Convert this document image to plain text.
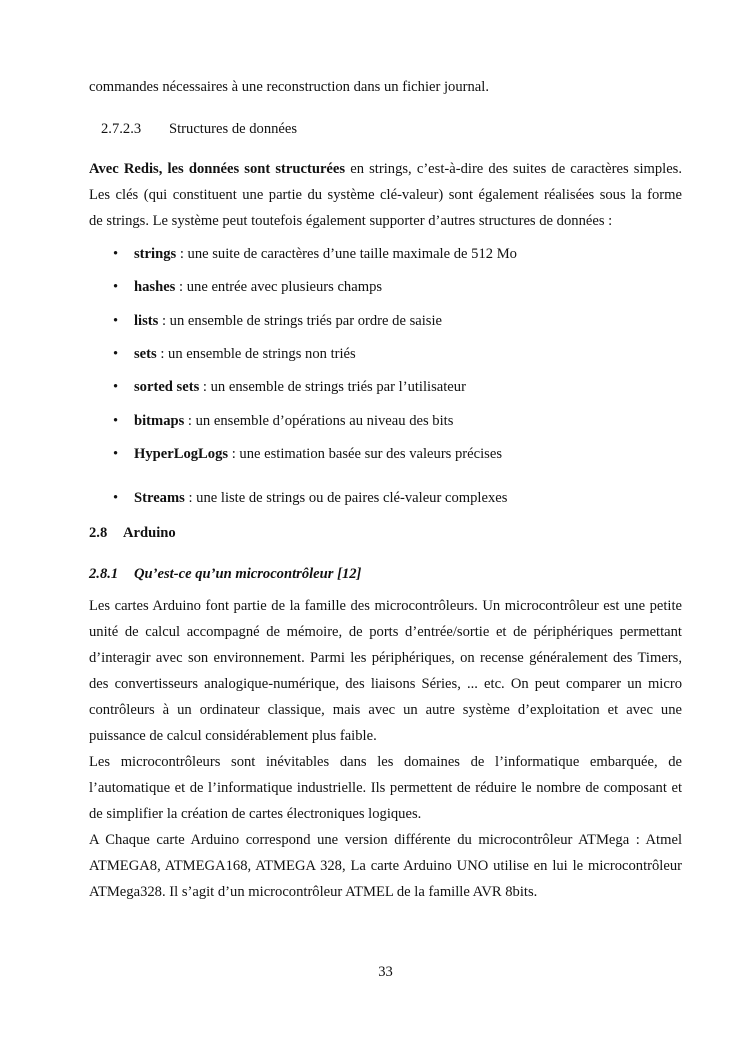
commandes nécessaires à une reconstruction dans un fichier journal.
2.7.2.3 Structures de données
Avec Redis, les données sont structurées en strings, c’est-à-dire des suites de caractères simples.
Les clés (qui constituent une partie du système clé-valeur) sont également réalisées sous la forme
de strings. Le système peut toutefois également supporter d’autres structures de données :
• strings : une suite de caractères d’une taille maximale de 512 Mo
• hashes : une entrée avec plusieurs champs
• lists : un ensemble de strings triés par ordre de saisie
• sets : un ensemble de strings non triés
• sorted sets : un ensemble de strings triés par l’utilisateur
• bitmaps : un ensemble d’opérations au niveau des bits
• HyperLogLogs : une estimation basée sur des valeurs précises
• Streams : une liste de strings ou de paires clé-valeur complexes
2.8 Arduino
2.8.1 Qu’est-ce qu’un microcontrôleur [12]
Les cartes Arduino font partie de la famille des microcontrôleurs. Un microcontrôleur est une petite
unité de calcul accompagné de mémoire, de ports d’entrée/sortie et de périphériques permettant
d’interagir avec son environnement. Parmi les périphériques, on recense généralement des Timers,
des convertisseurs analogique-numérique, des liaisons Séries, ... etc. On peut comparer un micro
contrôleurs à un ordinateur classique, mais avec un autre système d’exploitation et avec une
puissance de calcul considérablement plus faible.
Les microcontrôleurs sont inévitables dans les domaines de l’informatique embarquée, de
l’automatique et de l’informatique industrielle. Ils permettent de réduire le nombre de composant et
de simplifier la création de cartes électroniques logiques.
A Chaque carte Arduino correspond une version différente du microcontrôleur ATMega : Atmel
ATMEGA8, ATMEGA168, ATMEGA 328, La carte Arduino UNO utilise en lui le microcontrôleur
ATMega328. Il s’agit d’un microcontrôleur ATMEL de la famille AVR 8bits.
33
